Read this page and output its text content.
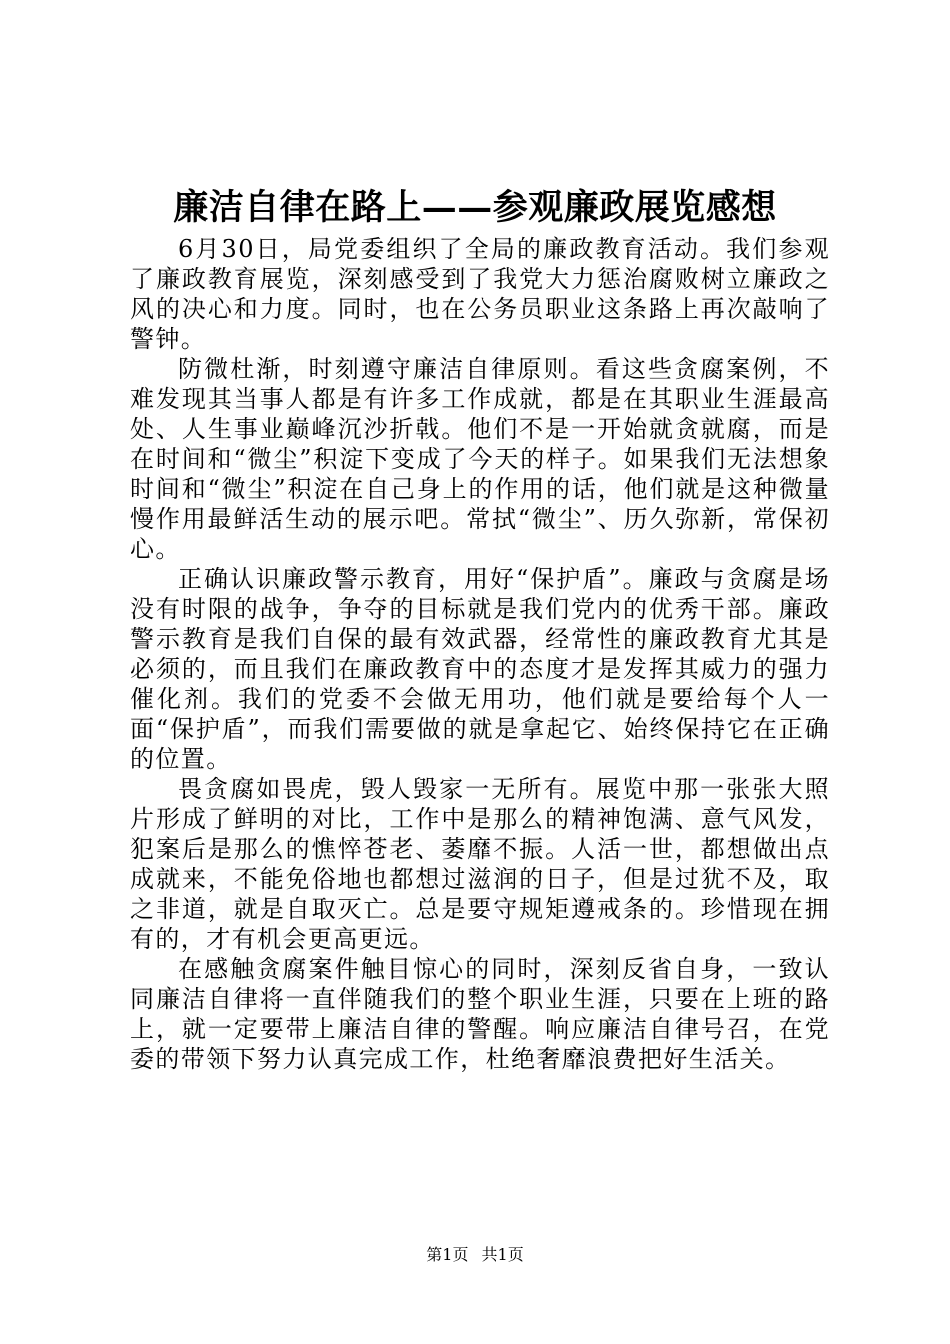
廉洁自律在路上——参观廉政展览感想

6月30日，局党委组织了全局的廉政教育活动。我们参观了廉政教育展览，深刻感受到了我党大力惩治腐败树立廉政之风的决心和力度。同时，也在公务员职业这条路上再次敲响了警钟。

防微杜渐，时刻遵守廉洁自律原则。看这些贪腐案例，不难发现其当事人都是有许多工作成就，都是在其职业生涯最高处、人生事业巅峰沉沙折戟。他们不是一开始就贪就腐，而是在时间和“微尘”积淀下变成了今天的样子。如果我们无法想象时间和“微尘”积淀在自己身上的作用的话，他们就是这种微量慢作用最鲜活生动的展示吧。常拭“微尘”、历久弥新，常保初心。

正确认识廉政警示教育，用好“保护盾”。廉政与贪腐是场没有时限的战争，争夺的目标就是我们党内的优秀干部。廉政警示教育是我们自保的最有效武器，经常性的廉政教育尤其是必须的，而且我们在廉政教育中的态度才是发挥其威力的强力催化剂。我们的党委不会做无用功，他们就是要给每个人一面“保护盾”，而我们需要做的就是拿起它、始终保持它在正确的位置。

畏贪腐如畏虎，毁人毁家一无所有。展览中那一张张大照片形成了鲜明的对比，工作中是那么的精神饱满、意气风发，犯案后是那么的憔悴苍老、萎靡不振。人活一世，都想做出点成就来，不能免俗地也都想过滋润的日子，但是过犹不及，取之非道，就是自取灭亡。总是要守规矩遵戒条的。珍惜现在拥有的，才有机会更高更远。

在感触贪腐案件触目惊心的同时，深刻反省自身，一致认同廉洁自律将一直伴随我们的整个职业生涯，只要在上班的路上，就一定要带上廉洁自律的警醒。响应廉洁自律号召，在党委的带领下努力认真完成工作，杜绝奢靡浪费把好生活关。

第1页 共1页
